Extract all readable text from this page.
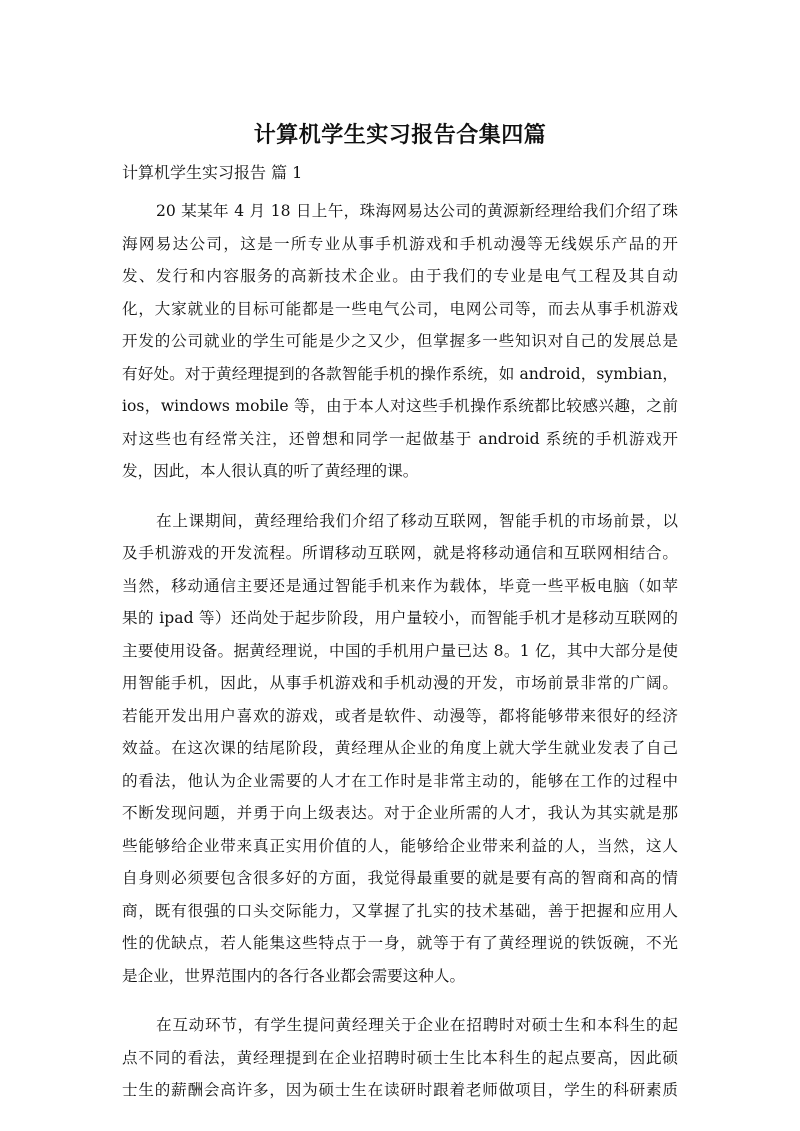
计算机学生实习报告合集四篇

计算机学生实习报告 篇 1

20 某某年 4 月 18 日上午，珠海网易达公司的黄源新经理给我们介绍了珠
海网易达公司，这是一所专业从事手机游戏和手机动漫等无线娱乐产品的开
发、发行和内容服务的高新技术企业。由于我们的专业是电气工程及其自动
化，大家就业的目标可能都是一些电气公司，电网公司等，而去从事手机游戏
开发的公司就业的学生可能是少之又少，但掌握多一些知识对自己的发展总是
有好处。对于黄经理提到的各款智能手机的操作系统，如 android，symbian，
ios，windows mobile 等，由于本人对这些手机操作系统都比较感兴趣，之前
对这些也有经常关注，还曾想和同学一起做基于 android 系统的手机游戏开
发，因此，本人很认真的听了黄经理的课。
在上课期间，黄经理给我们介绍了移动互联网，智能手机的市场前景，以
及手机游戏的开发流程。所谓移动互联网，就是将移动通信和互联网相结合。
当然，移动通信主要还是通过智能手机来作为载体，毕竟一些平板电脑（如苹
果的 ipad 等）还尚处于起步阶段，用户量较小，而智能手机才是移动互联网的
主要使用设备。据黄经理说，中国的手机用户量已达 8。1 亿，其中大部分是使
用智能手机，因此，从事手机游戏和手机动漫的开发，市场前景非常的广阔。
若能开发出用户喜欢的游戏，或者是软件、动漫等，都将能够带来很好的经济
效益。在这次课的结尾阶段，黄经理从企业的角度上就大学生就业发表了自己
的看法，他认为企业需要的人才在工作时是非常主动的，能够在工作的过程中
不断发现问题，并勇于向上级表达。对于企业所需的人才，我认为其实就是那
些能够给企业带来真正实用价值的人，能够给企业带来利益的人，当然，这人
自身则必须要包含很多好的方面，我觉得最重要的就是要有高的智商和高的情
商，既有很强的口头交际能力，又掌握了扎实的技术基础，善于把握和应用人
性的优缺点，若人能集这些特点于一身，就等于有了黄经理说的铁饭碗，不光
是企业，世界范围内的各行各业都会需要这种人。
在互动环节，有学生提问黄经理关于企业在招聘时对硕士生和本科生的起
点不同的看法，黄经理提到在企业招聘时硕士生比本科生的起点要高，因此硕
士生的薪酬会高许多，因为硕士生在读研时跟着老师做项目，学生的科研素质
